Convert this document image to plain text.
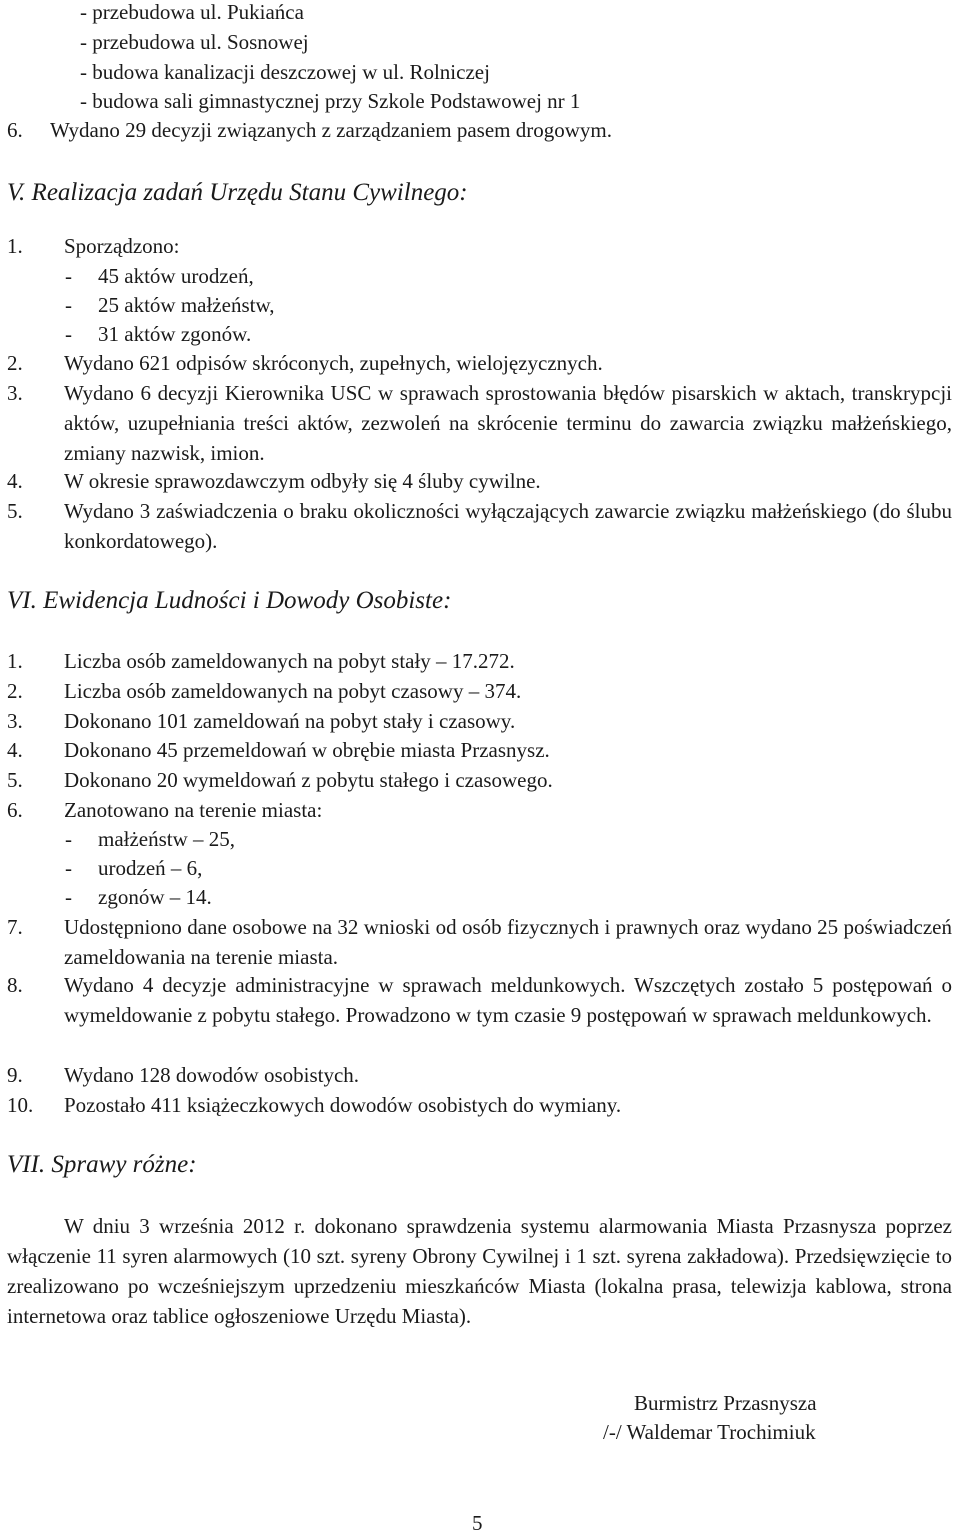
- przebudowa ul. Pukiańca
- przebudowa ul. Sosnowej
- budowa kanalizacji deszczowej w ul. Rolniczej
- budowa sali gimnastycznej przy Szkole Podstawowej nr 1
6. Wydano 29 decyzji związanych z zarządzaniem pasem drogowym.
V. Realizacja zadań Urzędu Stanu Cywilnego:
1. Sporządzono:
- 45 aktów urodzeń,
- 25 aktów małżeństw,
- 31 aktów zgonów.
2. Wydano 621 odpisów skróconych, zupełnych, wielojęzycznych.
3. Wydano 6 decyzji Kierownika USC w sprawach sprostowania błędów pisarskich w aktach, transkrypcji aktów, uzupełniania treści aktów, zezwoleń na skrócenie terminu do zawarcia związku małżeńskiego, zmiany nazwisk, imion.
4. W okresie sprawozdawczym odbyły się 4 śluby cywilne.
5. Wydano 3 zaświadczenia o braku okoliczności wyłączających zawarcie związku małżeńskiego (do ślubu konkordatowego).
VI. Ewidencja Ludności i Dowody Osobiste:
1. Liczba osób zameldowanych na pobyt stały – 17.272.
2. Liczba osób zameldowanych na pobyt czasowy – 374.
3. Dokonano 101 zameldowań na pobyt stały i czasowy.
4. Dokonano 45 przemeldowań w obrębie miasta Przasnysz.
5. Dokonano 20 wymeldowań z pobytu stałego i czasowego.
6. Zanotowano na terenie miasta:
- małżeństw – 25,
- urodzeń – 6,
- zgonów – 14.
7. Udostępniono dane osobowe na 32 wnioski od osób fizycznych i prawnych oraz wydano 25 poświadczeń zameldowania na terenie miasta.
8. Wydano 4 decyzje administracyjne w sprawach meldunkowych. Wszczętych zostało 5 postępowań o wymeldowanie z pobytu stałego. Prowadzono w tym czasie 9 postępowań w sprawach meldunkowych.
9. Wydano 128 dowodów osobistych.
10. Pozostało 411 książeczkowych dowodów osobistych do wymiany.
VII. Sprawy różne:
W dniu 3 września 2012 r. dokonano sprawdzenia systemu alarmowania Miasta Przasnysza poprzez włączenie 11 syren alarmowych (10 szt. syreny Obrony Cywilnej i 1 szt. syrena zakładowa). Przedsięwzięcie to zrealizowano po wcześniejszym uprzedzeniu mieszkańców Miasta (lokalna prasa, telewizja kablowa, strona internetowa oraz tablice ogłoszeniowe Urzędu Miasta).
Burmistrz Przasnysza
/-/ Waldemar Trochimiuk
5
